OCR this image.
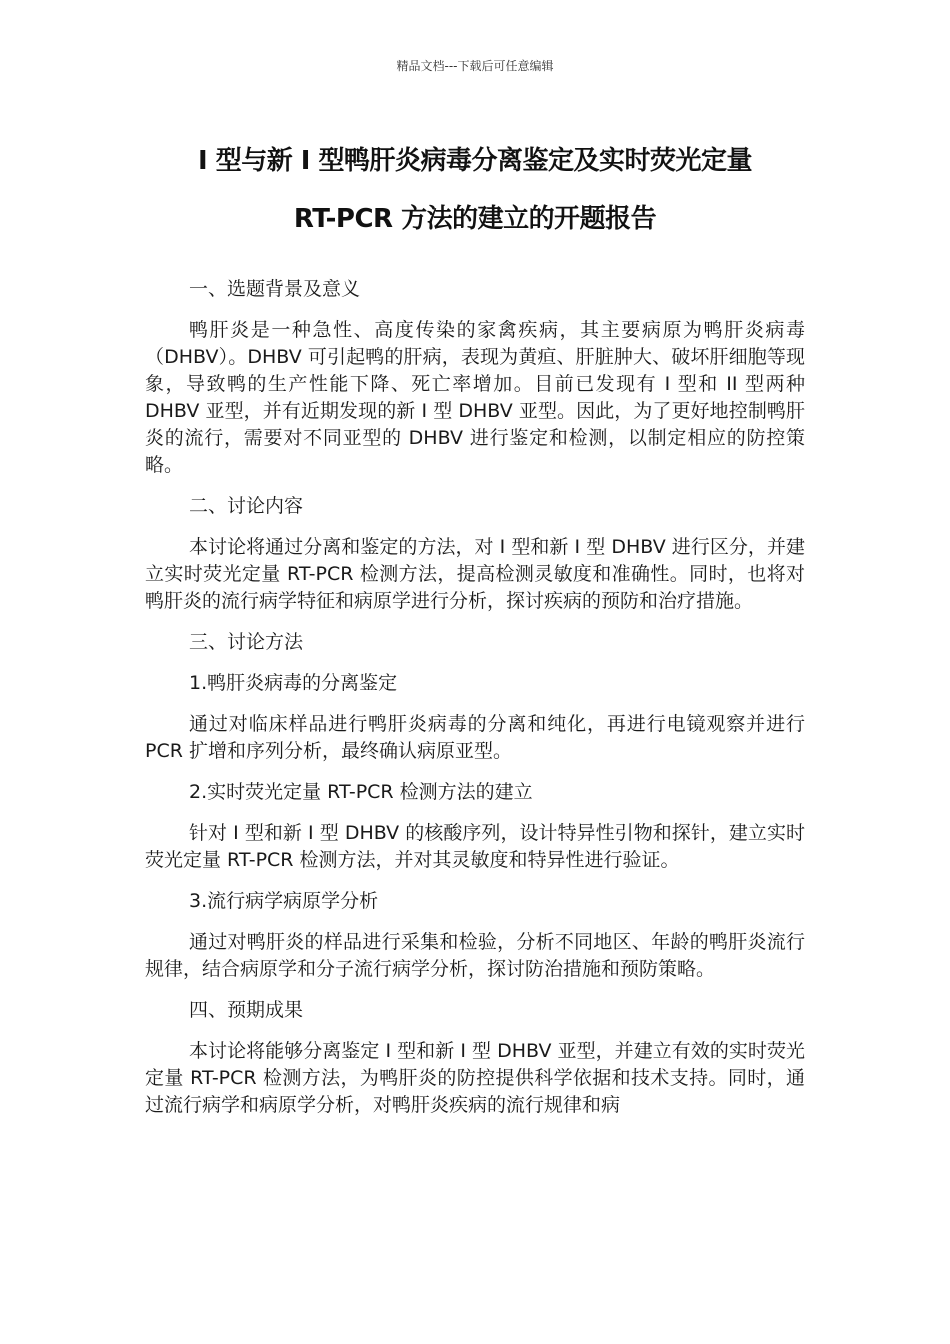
精品文档---下载后可任意编辑
I 型与新 I 型鸭肝炎病毒分离鉴定及实时荧光定量
RT-PCR 方法的建立的开题报告

一、选题背景及意义

鸭肝炎是一种急性、高度传染的家禽疾病，其主要病原为鸭肝炎病毒（DHBV）。DHBV 可引起鸭的肝病，表现为黄疸、肝脏肿大、破坏肝细胞等现象，导致鸭的生产性能下降、死亡率增加。目前已发现有 I 型和 II 型两种 DHBV 亚型，并有近期发现的新 I 型 DHBV 亚型。因此，为了更好地控制鸭肝炎的流行，需要对不同亚型的 DHBV 进行鉴定和检测，以制定相应的防控策略。

二、讨论内容

本讨论将通过分离和鉴定的方法，对 I 型和新 I 型 DHBV 进行区分，并建立实时荧光定量 RT-PCR 检测方法，提高检测灵敏度和准确性。同时，也将对鸭肝炎的流行病学特征和病原学进行分析，探讨疾病的预防和治疗措施。

三、讨论方法

1.鸭肝炎病毒的分离鉴定

通过对临床样品进行鸭肝炎病毒的分离和纯化，再进行电镜观察并进行 PCR 扩增和序列分析，最终确认病原亚型。

2.实时荧光定量 RT-PCR 检测方法的建立

针对 I 型和新 I 型 DHBV 的核酸序列，设计特异性引物和探针，建立实时荧光定量 RT-PCR 检测方法，并对其灵敏度和特异性进行验证。

3.流行病学病原学分析

通过对鸭肝炎的样品进行采集和检验，分析不同地区、年龄的鸭肝炎流行规律，结合病原学和分子流行病学分析，探讨防治措施和预防策略。

四、预期成果

本讨论将能够分离鉴定 I 型和新 I 型 DHBV 亚型，并建立有效的实时荧光定量 RT-PCR 检测方法，为鸭肝炎的防控提供科学依据和技术支持。同时，通过流行病学和病原学分析，对鸭肝炎疾病的流行规律和病
